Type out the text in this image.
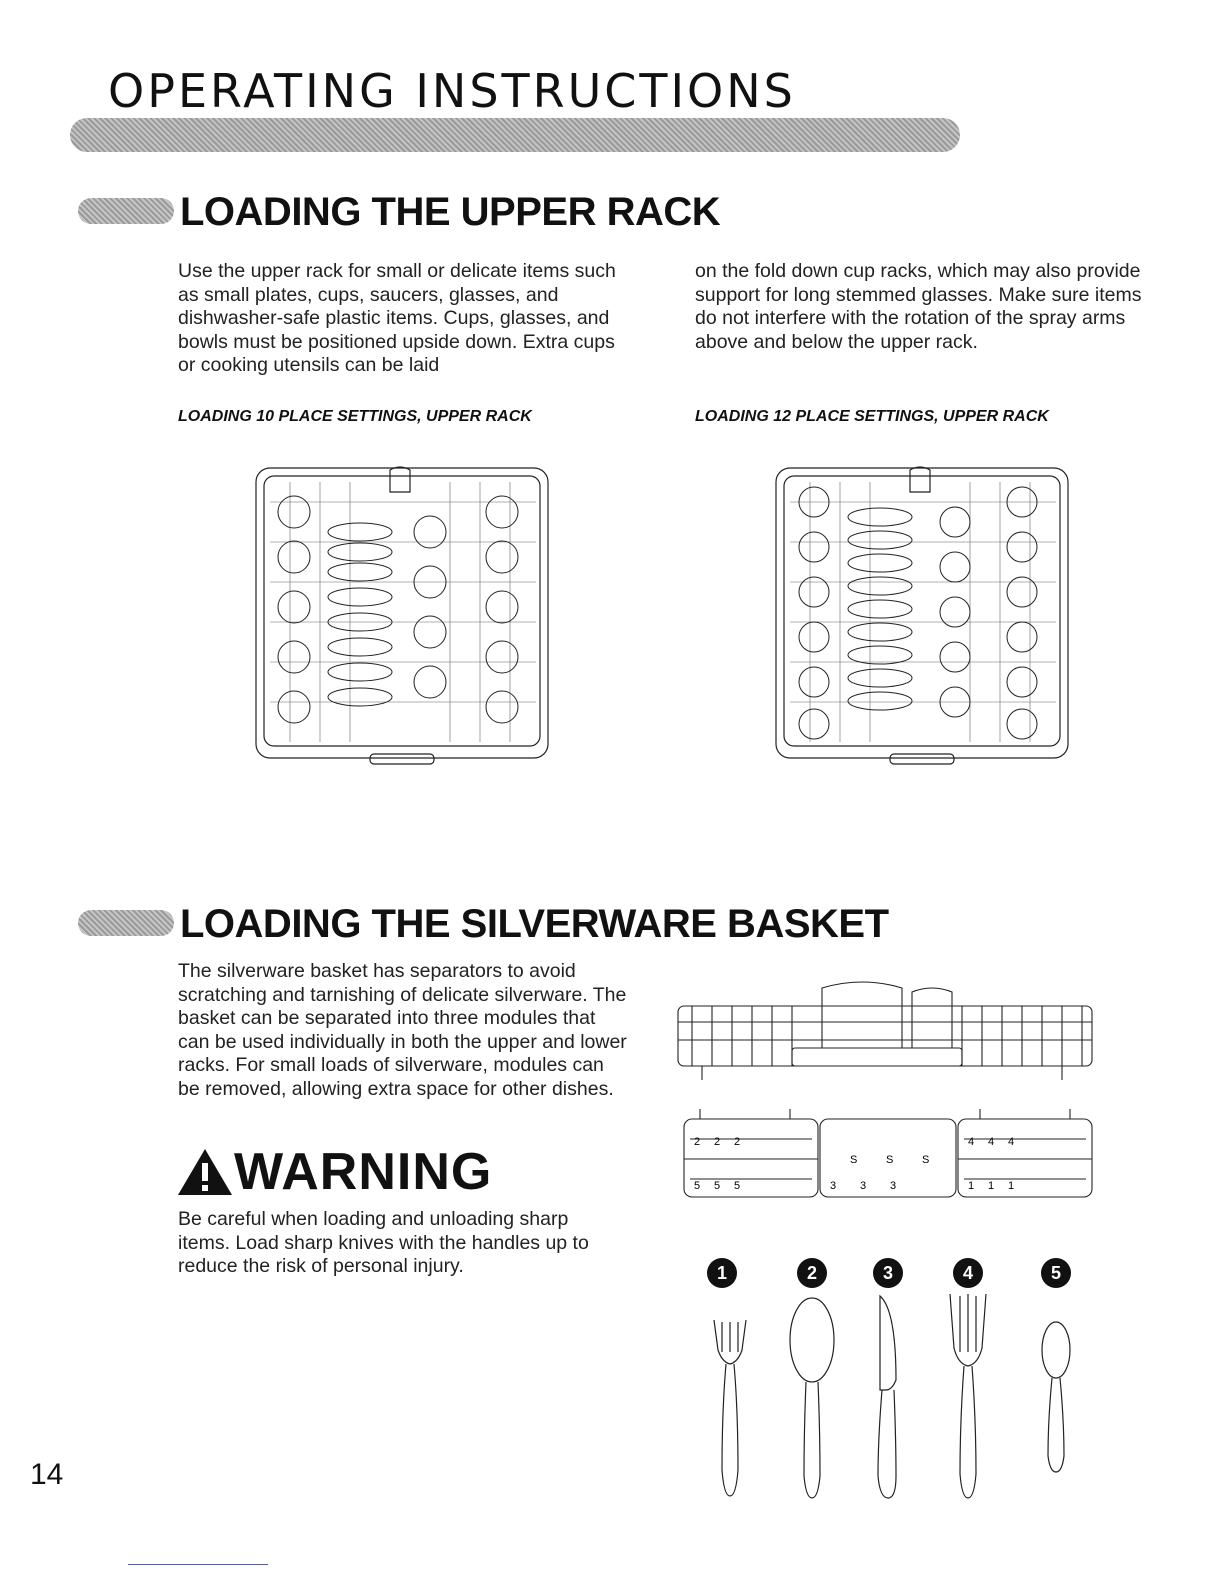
OPERATING INSTRUCTIONS
LOADING THE UPPER RACK

Use the upper rack for small or delicate items such as small plates, cups, saucers, glasses, and dishwasher-safe plastic items. Cups, glasses, and bowls must be positioned upside down. Extra cups or cooking utensils can be laid

on the fold down cup racks, which may also provide support for long stemmed glasses. Make sure items do not interfere with the rotation of the spray arms above and below the upper rack.

LOADING 10 PLACE SETTINGS, UPPER RACK	LOADING 12 PLACE SETTINGS, UPPER RACK

LOADING THE SILVERWARE BASKET

The silverware basket has separators to avoid scratching and tarnishing of delicate silverware. The basket can be separated into three modules that can be used individually in both the upper and lower racks. For small loads of silverware, modules can be removed, allowing extra space for other dishes.

WARNING

Be careful when loading and unloading sharp items. Load sharp knives with the handles up to reduce the risk of personal injury.

2 2 2
5 5 5
S	S	S
3 3 3
4 4 4
1 1 1
1	2	3	4	5
14
